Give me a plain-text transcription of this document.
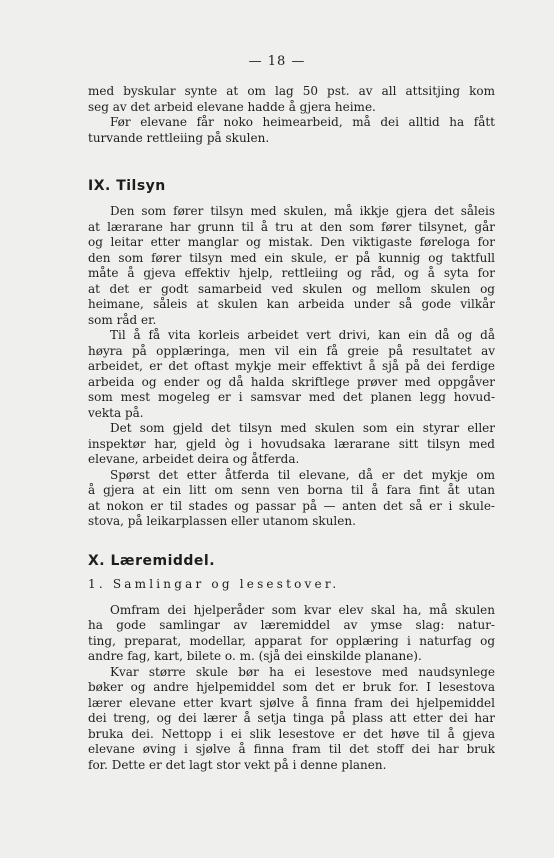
— 18 —
med byskular synte at om lag 50 pst. av all attsitjing kom
seg av det arbeid elevane hadde å gjera heime.
Før elevane får noko heimearbeid, må dei alltid ha fått
turvande rettleiing på skulen.
IX. Tilsyn
Den som fører tilsyn med skulen, må ikkje gjera det såleis
at lærarane har grunn til å tru at den som fører tilsynet, går
og leitar etter manglar og mistak. Den viktigaste føreloga for
den som fører tilsyn med ein skule, er på kunnig og taktfull
måte å gjeva effektiv hjelp, rettleiing og råd, og å syta for
at det er godt samarbeid ved skulen og mellom skulen og
heimane, såleis at skulen kan arbeida under så gode vilkår
som råd er.
Til å få vita korleis arbeidet vert drivi, kan ein då og då
høyra på opplæringa, men vil ein få greie på resultatet av
arbeidet, er det oftast mykje meir effektivt å sjå på dei ferdige
arbeida og ender og då halda skriftlege prøver med oppgåver
som mest mogeleg er i samsvar med det planen legg hovud-
vekta på.
Det som gjeld det tilsyn med skulen som ein styrar eller
inspektør har, gjeld òg i hovudsaka lærarane sitt tilsyn med
elevane, arbeidet deira og åtferda.
Spørst det etter åtferda til elevane, då er det mykje om
å gjera at ein litt om senn ven borna til å fara fint åt utan
at nokon er til stades og passar på — anten det så er i skule-
stova, på leikarplassen eller utanom skulen.
X. Læremiddel.
1. Samlingar og lesestover.
Omfram dei hjelperåder som kvar elev skal ha, må skulen
ha gode samlingar av læremiddel av ymse slag: natur-
ting, preparat, modellar, apparat for opplæring i naturfag og
andre fag, kart, bilete o. m. (sjå dei einskilde planane).
Kvar større skule bør ha ei lesestove med naudsynlege
bøker og andre hjelpemiddel som det er bruk for. I lesestova
lærer elevane etter kvart sjølve å finna fram dei hjelpemiddel
dei treng, og dei lærer å setja tinga på plass att etter dei har
bruka dei. Nettopp i ei slik lesestove er det høve til å gjeva
elevane øving i sjølve å finna fram til det stoff dei har bruk
for. Dette er det lagt stor vekt på i denne planen.
